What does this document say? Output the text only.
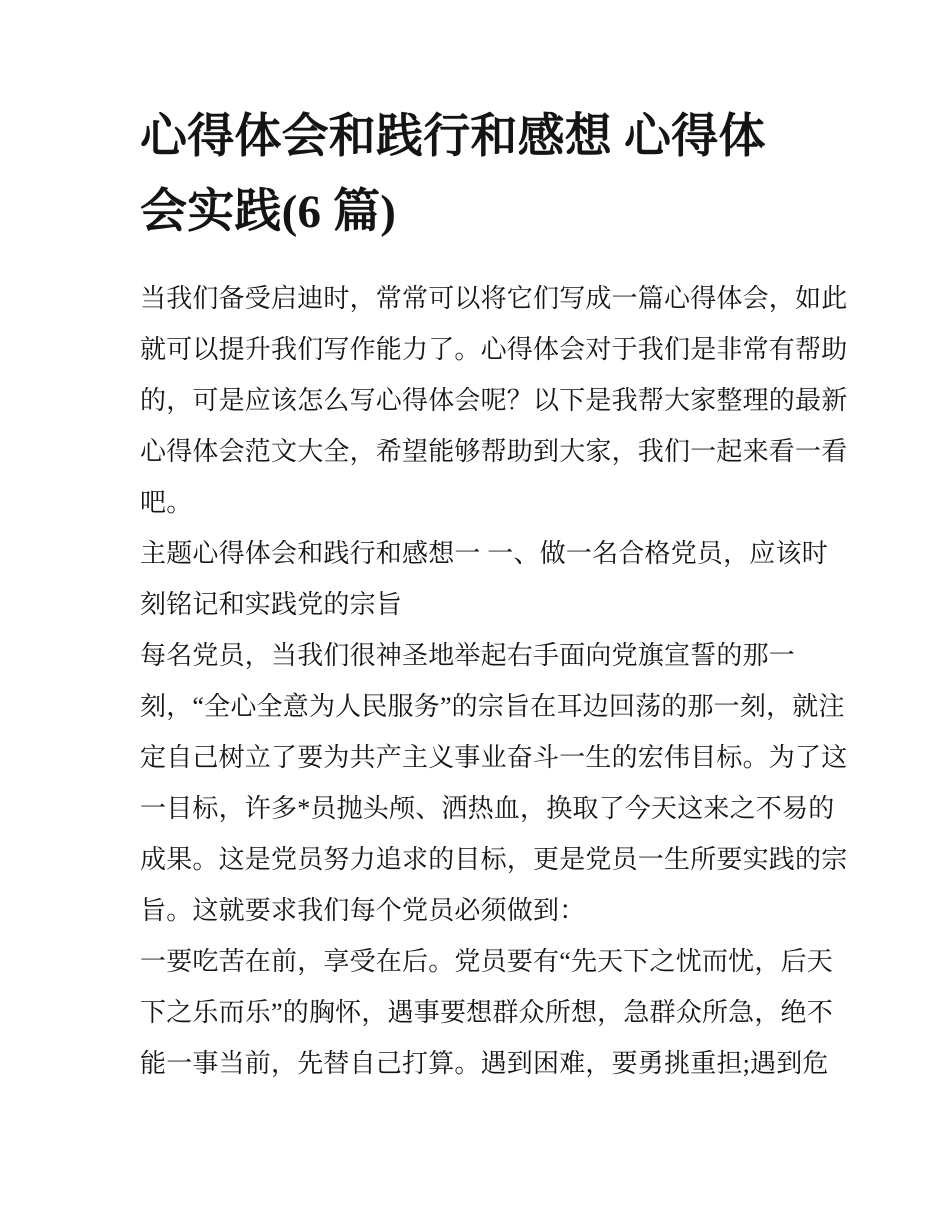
心得体会和践行和感想 心得体
会实践(6 篇)
当我们备受启迪时，常常可以将它们写成一篇心得体会，如此
就可以提升我们写作能力了。心得体会对于我们是非常有帮助
的，可是应该怎么写心得体会呢？以下是我帮大家整理的最新
心得体会范文大全，希望能够帮助到大家，我们一起来看一看
吧。
主题心得体会和践行和感想一 一、做一名合格党员，应该时
刻铭记和实践党的宗旨
每名党员，当我们很神圣地举起右手面向党旗宣誓的那一
刻，“全心全意为人民服务”的宗旨在耳边回荡的那一刻，就注
定自己树立了要为共产主义事业奋斗一生的宏伟目标。为了这
一目标，许多*员抛头颅、洒热血，换取了今天这来之不易的
成果。这是党员努力追求的目标，更是党员一生所要实践的宗
旨。这就要求我们每个党员必须做到：
一要吃苦在前，享受在后。党员要有“先天下之忧而忧，后天
下之乐而乐”的胸怀，遇事要想群众所想，急群众所急，绝不
能一事当前，先替自己打算。遇到困难，要勇挑重担;遇到危
